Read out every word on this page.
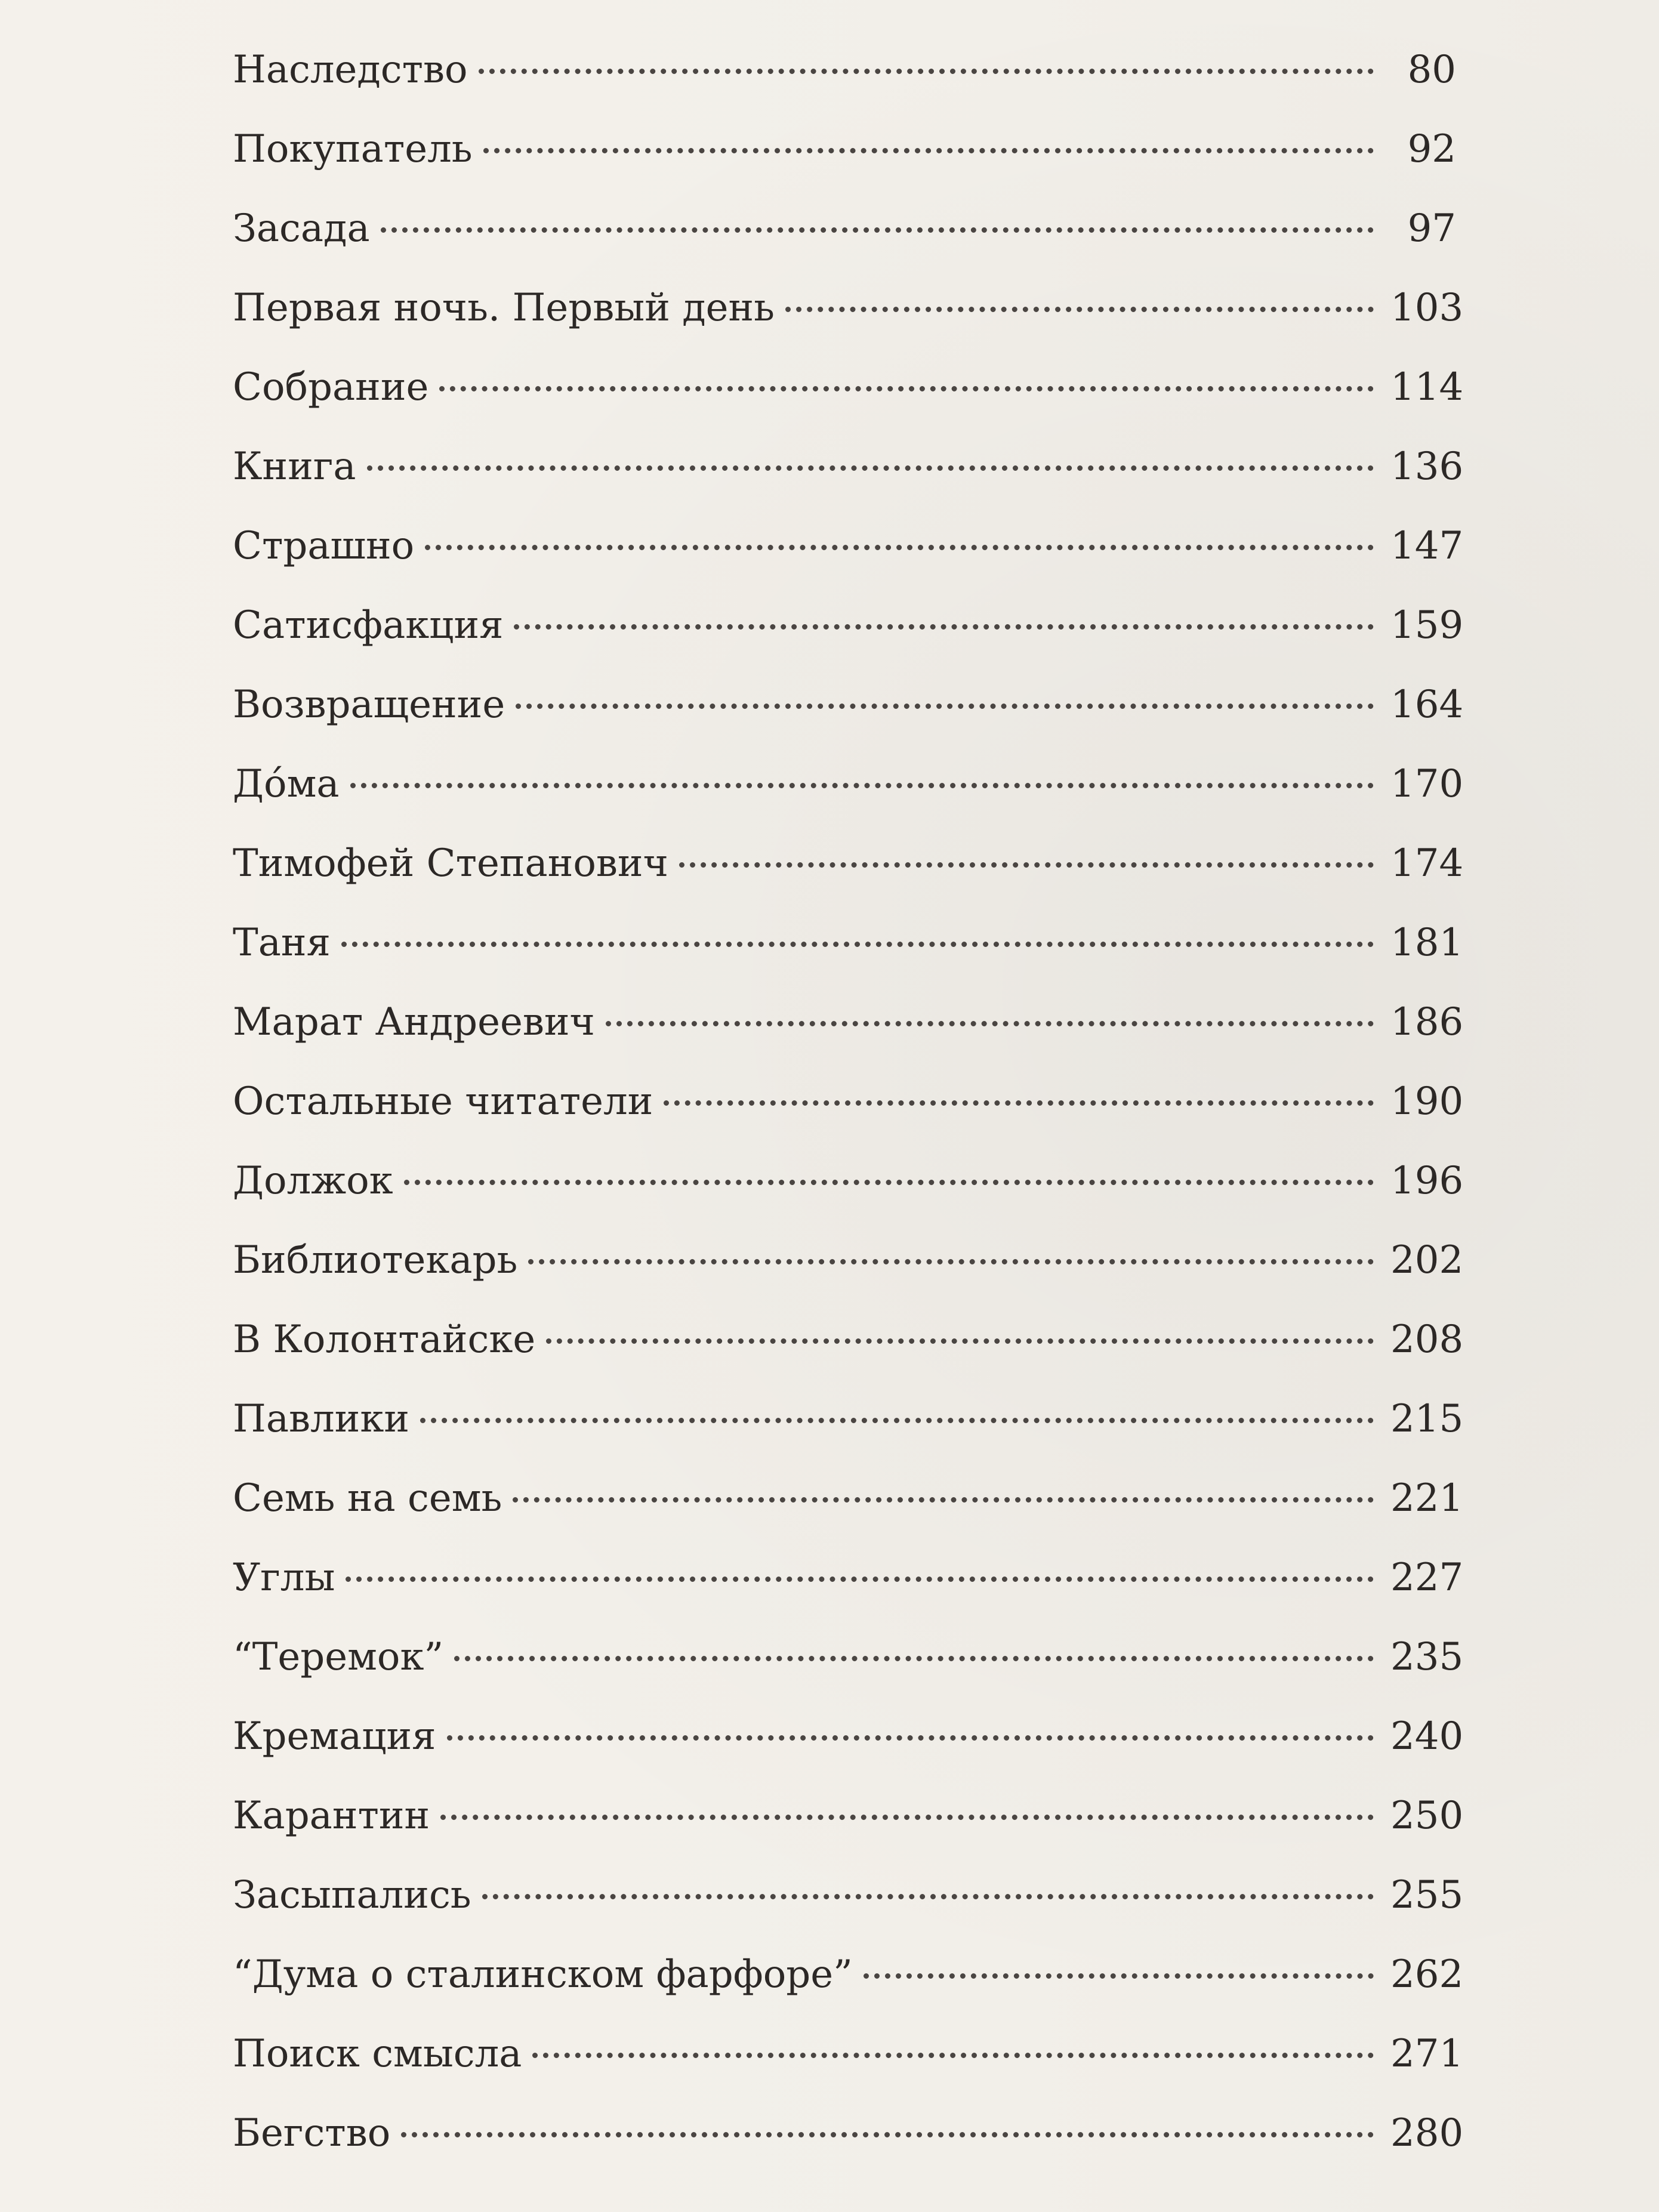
Наследство	80
Покупатель	92
Засада	97
Первая ночь. Первый день	103
Собрание	114
Книга	136
Страшно	147
Сатисфакция	159
Возвращение	164
До́ма	170
Тимофей Степанович	174
Таня	181
Марат Андреевич	186
Остальные читатели	190
Должок	196
Библиотекарь	202
В Колонтайске	208
Павлики	215
Семь на семь	221
Углы	227
“Теремок”	235
Кремация	240
Карантин	250
Засыпались	255
“Дума о сталинском фарфоре”	262
Поиск смысла	271
Бегство	280
